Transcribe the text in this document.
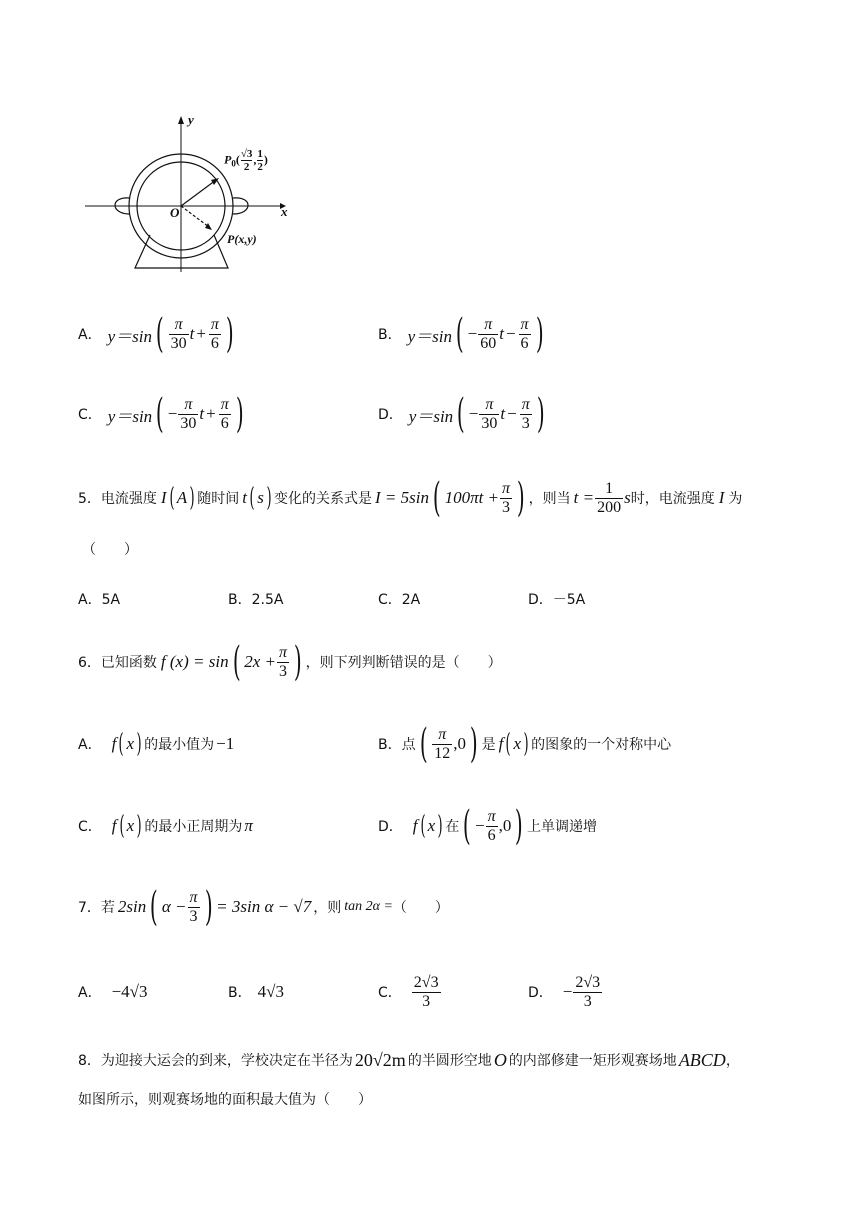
y
x
O
$P_0( \frac{√3}{2}$ , $\frac{1}{2}$ )
P(x,y)
A． y＝sin ( $\frac{\pi}{30}$ $t + \frac{\pi}{6}$ )	B． y＝sin ( − $\frac{\pi}{60}$ $t - \frac{\pi}{6}$ )
C． y＝sin ( − $\frac{\pi}{30}$ $t + \frac{\pi}{6}$ )	D． y＝sin ( − $\frac{\pi}{30}$ $t - \frac{\pi}{3}$ )
5． 电流强度 I ( A ) 随时间 t ( s ) 变化的关系式是 I = 5sin ( $100\pi t + \frac{\pi}{3}$ ) ，则当 $t = \frac{1}{200}$ s 时，电流强度 I 为
（　　）
A．5A	B．2.5A	C．2A	D．－5A
6． 已知函数 f (x) = sin ( $2x + \frac{\pi}{3}$ ) ，则下列判断错误的是（　　）
A． f ( x ) 的最小值为 −1	B．点 ( $\frac{\pi}{12} ,0$ ) 是 f ( x ) 的图象的一个对称中心
C． f ( x ) 的最小正周期为 π	D． f ( x ) 在 ( − $\frac{\pi}{6} ,0$ ) 上单调递增
7． 若 2sin ( $\alpha - \frac{\pi}{3}$ ) = 3sin α − √7 ，则 tan 2α = （　　）
A． −4√3	B． 4√3	C． $\frac{2√3}{3}$	D． − $\frac{2√3}{3}$
8． 为迎接大运会的到来，学校决定在半径为 20√2m 的半圆形空地 O 的内部修建一矩形观赛场地 ABCD ，
如图所示，则观赛场地的面积最大值为（　　）
